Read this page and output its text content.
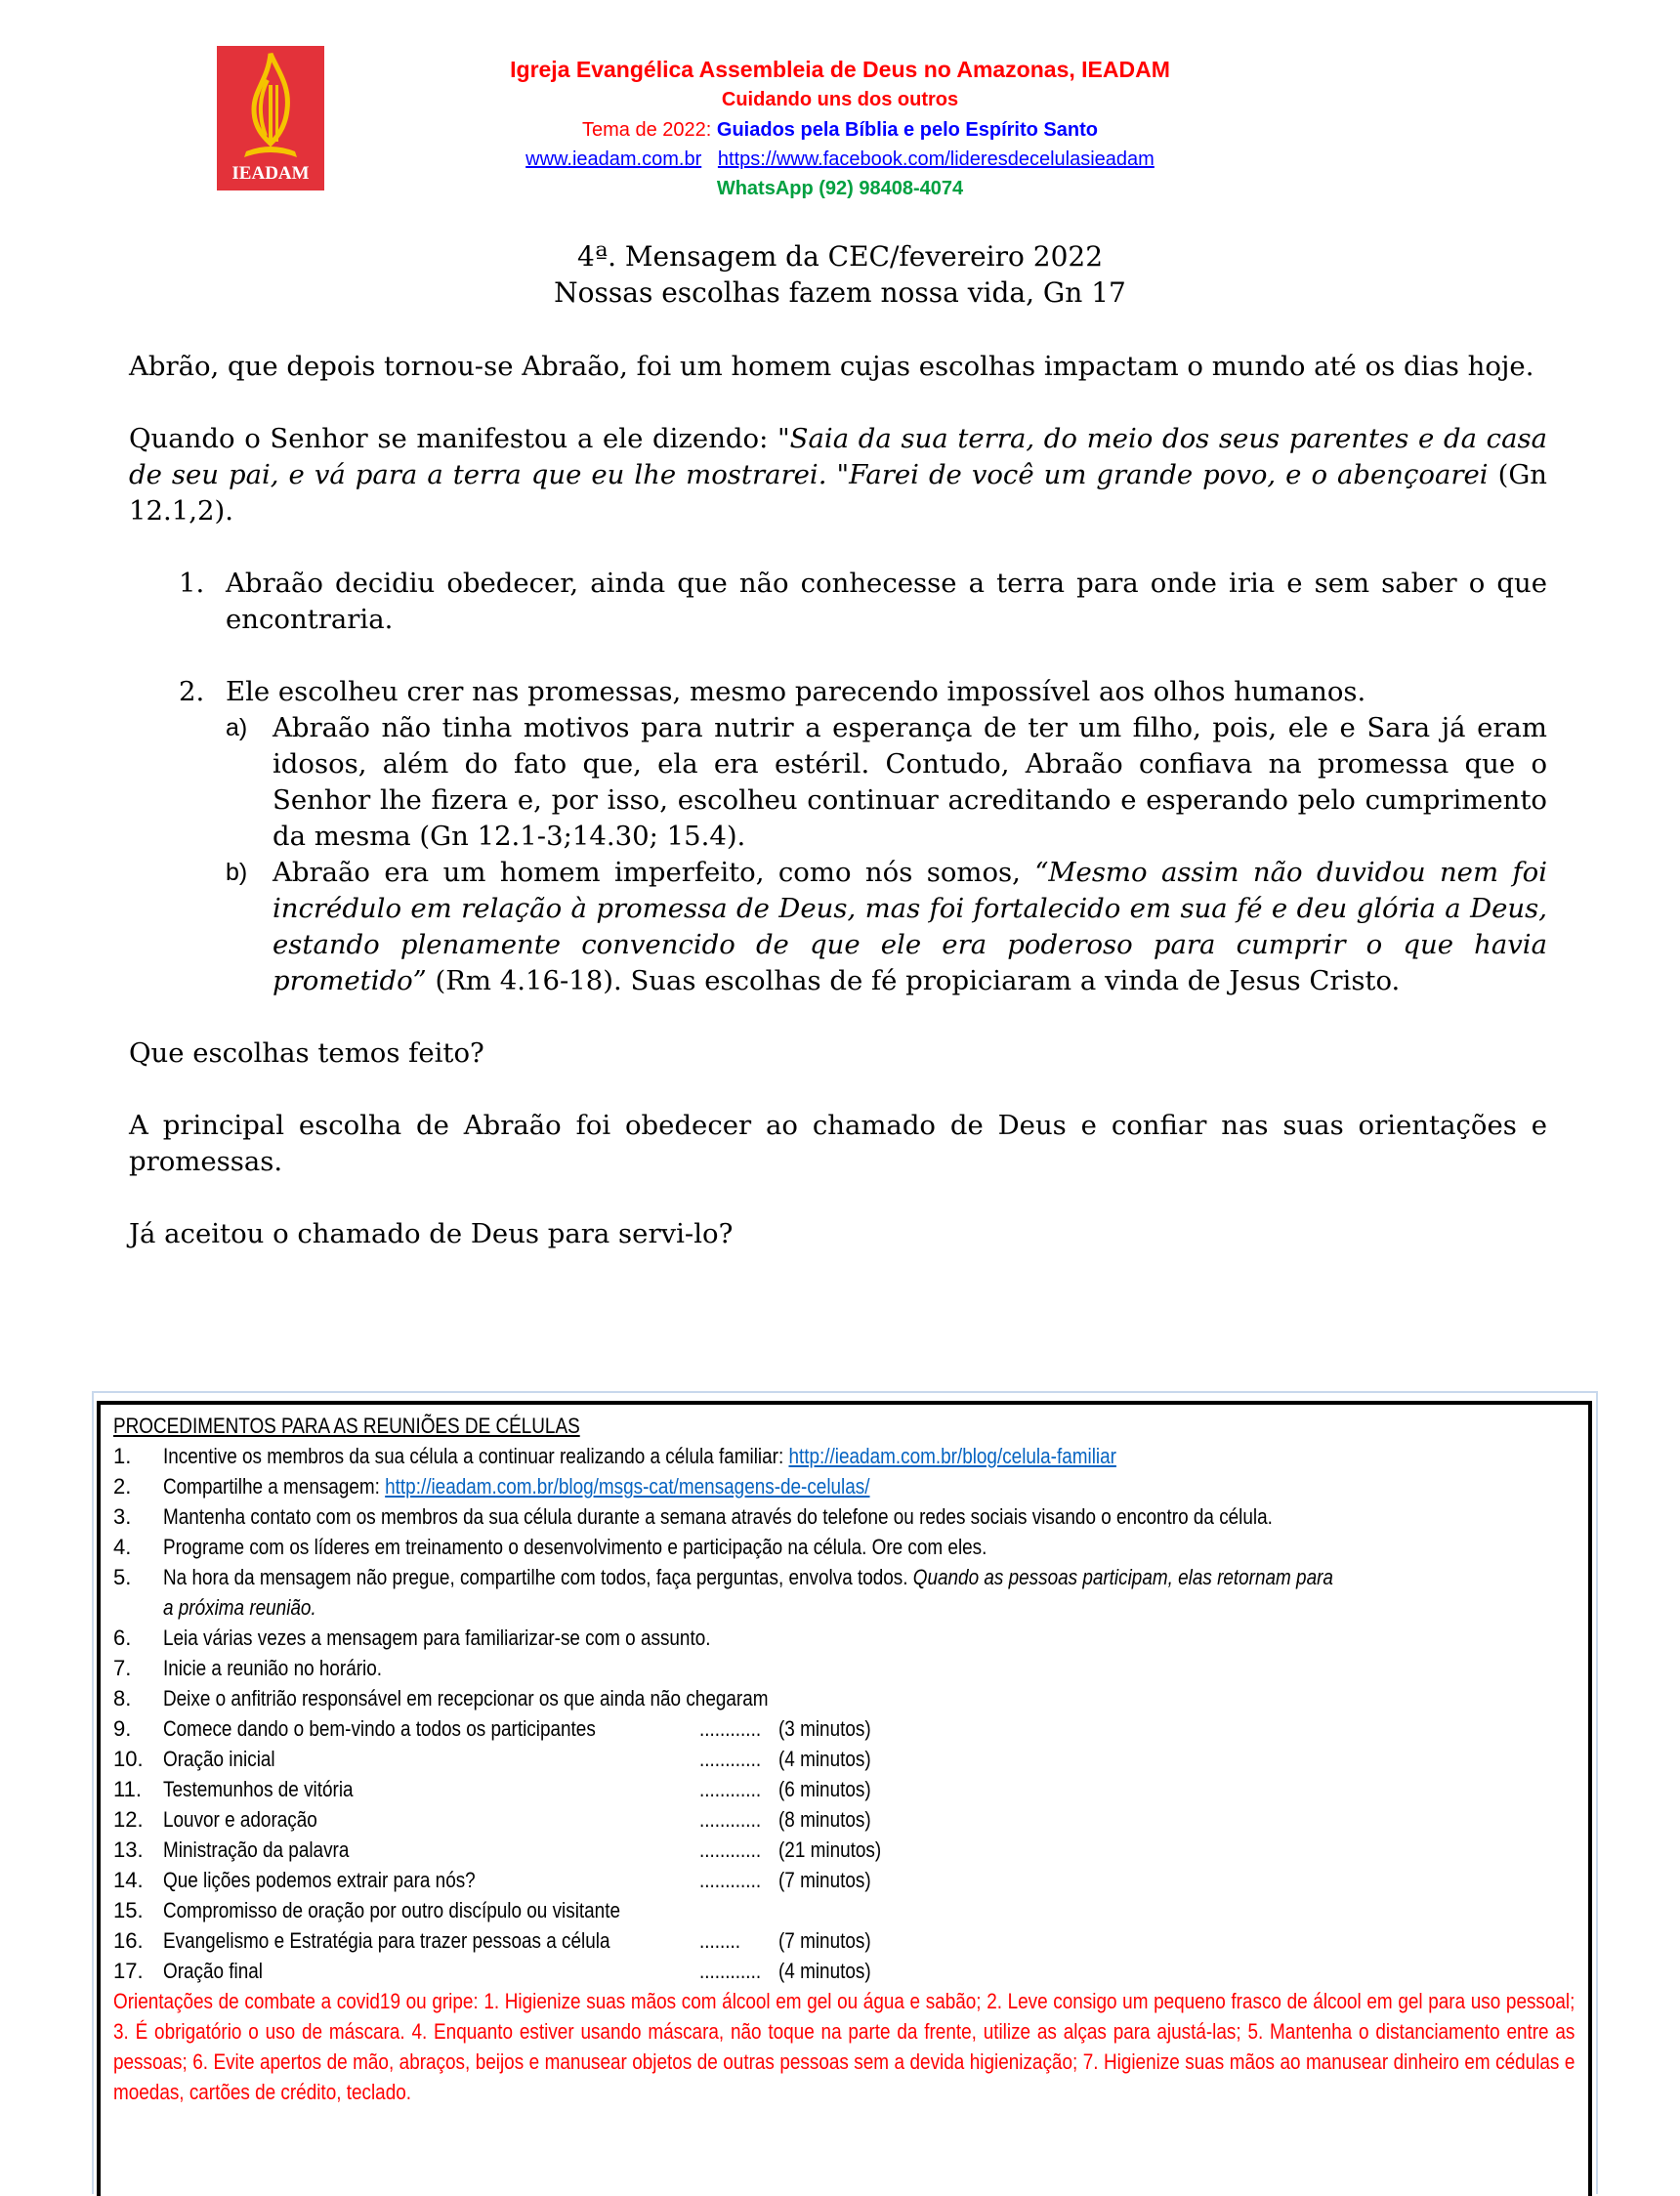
IEADAM
Igreja Evangélica Assembleia de Deus no Amazonas, IEADAM
Cuidando uns dos outros
Tema de 2022: Guiados pela Bíblia e pelo Espírito Santo
www.ieadam.com.br https://www.facebook.com/lideresdecelulasieadam
WhatsApp (92) 98408-4074
4ª. Mensagem da CEC/fevereiro 2022
Nossas escolhas fazem nossa vida, Gn 17

Abrão, que depois tornou-se Abraão, foi um homem cujas escolhas impactam o mundo até os dias hoje.

Quando o Senhor se manifestou a ele dizendo: "Saia da sua terra, do meio dos seus parentes e da casa de seu pai, e vá para a terra que eu lhe mostrarei. "Farei de você um grande povo, e o abençoarei (Gn 12.1,2).

1. Abraão decidiu obedecer, ainda que não conhecesse a terra para onde iria e sem saber o que encontraria.
2. Ele escolheu crer nas promessas, mesmo parecendo impossível aos olhos humanos.
a) Abraão não tinha motivos para nutrir a esperança de ter um filho, pois, ele e Sara já eram idosos, além do fato que, ela era estéril. Contudo, Abraão confiava na promessa que o Senhor lhe fizera e, por isso, escolheu continuar acreditando e esperando pelo cumprimento da mesma (Gn 12.1-3;14.30; 15.4).
b) Abraão era um homem imperfeito, como nós somos, “Mesmo assim não duvidou nem foi incrédulo em relação à promessa de Deus, mas foi fortalecido em sua fé e deu glória a Deus, estando plenamente convencido de que ele era poderoso para cumprir o que havia prometido” (Rm 4.16-18). Suas escolhas de fé propiciaram a vinda de Jesus Cristo.

Que escolhas temos feito?

A principal escolha de Abraão foi obedecer ao chamado de Deus e confiar nas suas orientações e promessas.

Já aceitou o chamado de Deus para servi-lo?

PROCEDIMENTOS PARA AS REUNIÕES DE CÉLULAS
1. Incentive os membros da sua célula a continuar realizando a célula familiar: http://ieadam.com.br/blog/celula-familiar
2. Compartilhe a mensagem: http://ieadam.com.br/blog/msgs-cat/mensagens-de-celulas/
3. Mantenha contato com os membros da sua célula durante a semana através do telefone ou redes sociais visando o encontro da célula.
4. Programe com os líderes em treinamento o desenvolvimento e participação na célula. Ore com eles.
5. Na hora da mensagem não pregue, compartilhe com todos, faça perguntas, envolva todos. Quando as pessoas participam, elas retornam para
a próxima reunião.
6. Leia várias vezes a mensagem para familiarizar-se com o assunto.
7. Inicie a reunião no horário.
8. Deixe o anfitrião responsável em recepcionar os que ainda não chegaram
9. Comece dando o bem-vindo a todos os participantes	............ (3 minutos)
10. Oração inicial	............ (4 minutos)
11. Testemunhos de vitória	............ (6 minutos)
12. Louvor e adoração	............ (8 minutos)
13. Ministração da palavra	............ (21 minutos)
14. Que lições podemos extrair para nós?	............ (7 minutos)
15. Compromisso de oração por outro discípulo ou visitante
16. Evangelismo e Estratégia para trazer pessoas a célula	........ (7 minutos)
17. Oração final	............ (4 minutos)
Orientações de combate a covid19 ou gripe: 1. Higienize suas mãos com álcool em gel ou água e sabão; 2. Leve consigo um pequeno frasco de álcool em gel para uso pessoal; 3. É obrigatório o uso de máscara. 4. Enquanto estiver usando máscara, não toque na parte da frente, utilize as alças para ajustá-las; 5. Mantenha o distanciamento entre as pessoas; 6. Evite apertos de mão, abraços, beijos e manusear objetos de outras pessoas sem a devida higienização; 7. Higienize suas mãos ao manusear dinheiro em cédulas e moedas, cartões de crédito, teclado.
